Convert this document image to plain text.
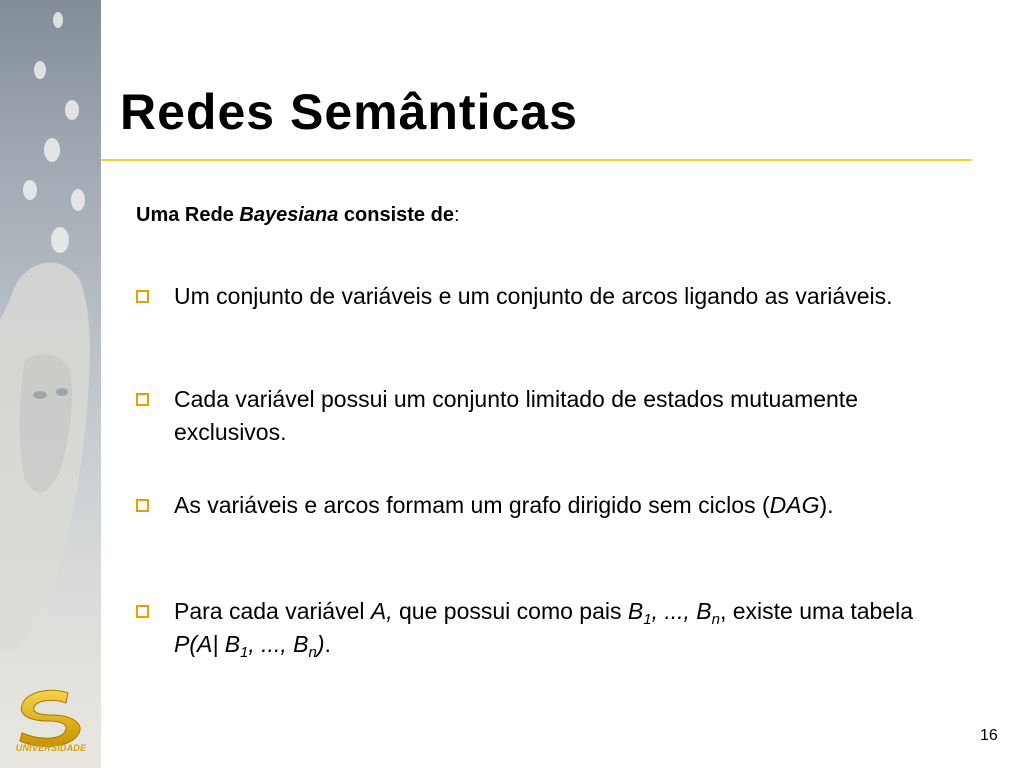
Redes Semânticas
Uma Rede Bayesiana consiste de:
Um conjunto de variáveis e um conjunto de arcos ligando as variáveis.
Cada variável possui um conjunto limitado de estados mutuamente exclusivos.
As variáveis e arcos formam um grafo dirigido sem ciclos (DAG).
Para cada variável A, que possui como pais $B_1$, ..., $B_n$, existe uma tabela P(A| $B_1$, ..., $B_n$).
UNIVERSIDADE
16
